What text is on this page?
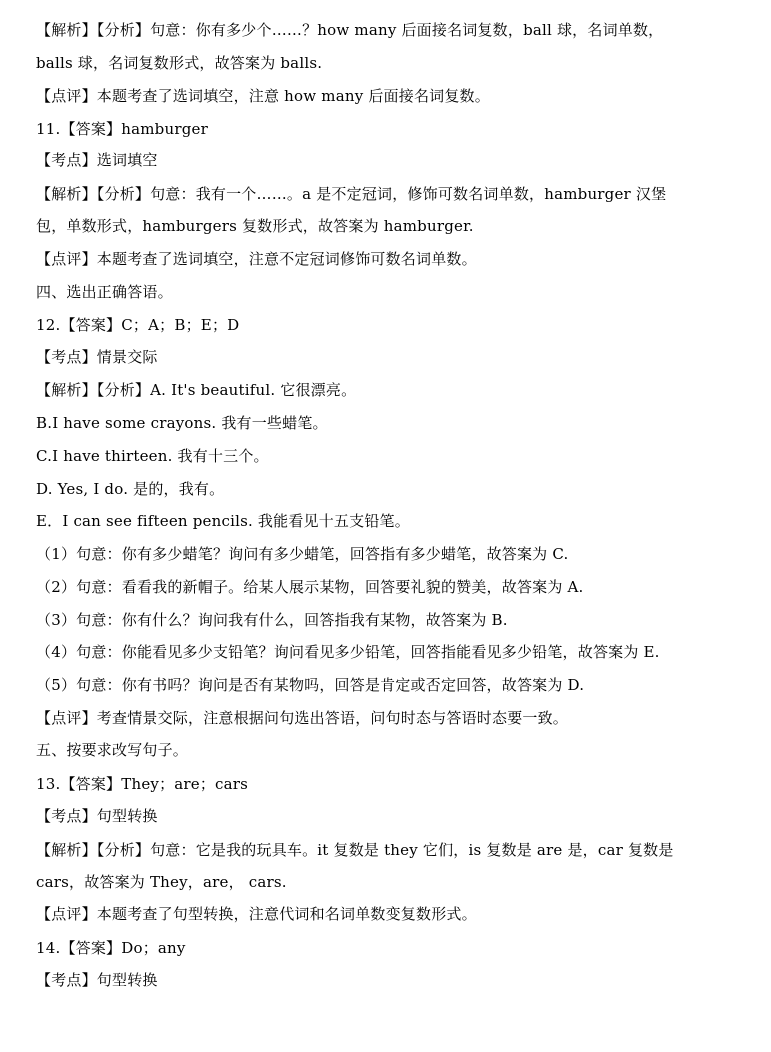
【解析】【分析】句意：你有多少个……？how many 后面接名词复数，ball 球，名词单数，
balls 球，名词复数形式，故答案为 balls.
【点评】本题考查了选词填空，注意 how many 后面接名词复数。
11.【答案】hamburger
【考点】选词填空
【解析】【分析】句意：我有一个……。a 是不定冠词，修饰可数名词单数，hamburger 汉堡
包，单数形式，hamburgers 复数形式，故答案为 hamburger.
【点评】本题考查了选词填空，注意不定冠词修饰可数名词单数。
四、选出正确答语。
12.【答案】C；A；B；E；D
【考点】情景交际
【解析】【分析】A. It's beautiful. 它很漂亮。
B.I have some crayons. 我有一些蜡笔。
C.I have thirteen. 我有十三个。
D. Yes, I do. 是的，我有。
E．I can see fifteen pencils. 我能看见十五支铅笔。
（1）句意：你有多少蜡笔？询问有多少蜡笔，回答指有多少蜡笔，故答案为 C.
（2）句意：看看我的新帽子。给某人展示某物，回答要礼貌的赞美，故答案为 A.
（3）句意：你有什么？询问我有什么，回答指我有某物，故答案为 B.
（4）句意：你能看见多少支铅笔？询问看见多少铅笔，回答指能看见多少铅笔，故答案为 E.
（5）句意：你有书吗？询问是否有某物吗，回答是肯定或否定回答，故答案为 D.
【点评】考查情景交际，注意根据问句选出答语，问句时态与答语时态要一致。
五、按要求改写句子。
13.【答案】They；are；cars
【考点】句型转换
【解析】【分析】句意：它是我的玩具车。it 复数是 they 它们，is 复数是 are 是，car 复数是
cars，故答案为 They，are， cars.
【点评】本题考查了句型转换，注意代词和名词单数变复数形式。
14.【答案】Do；any
【考点】句型转换
